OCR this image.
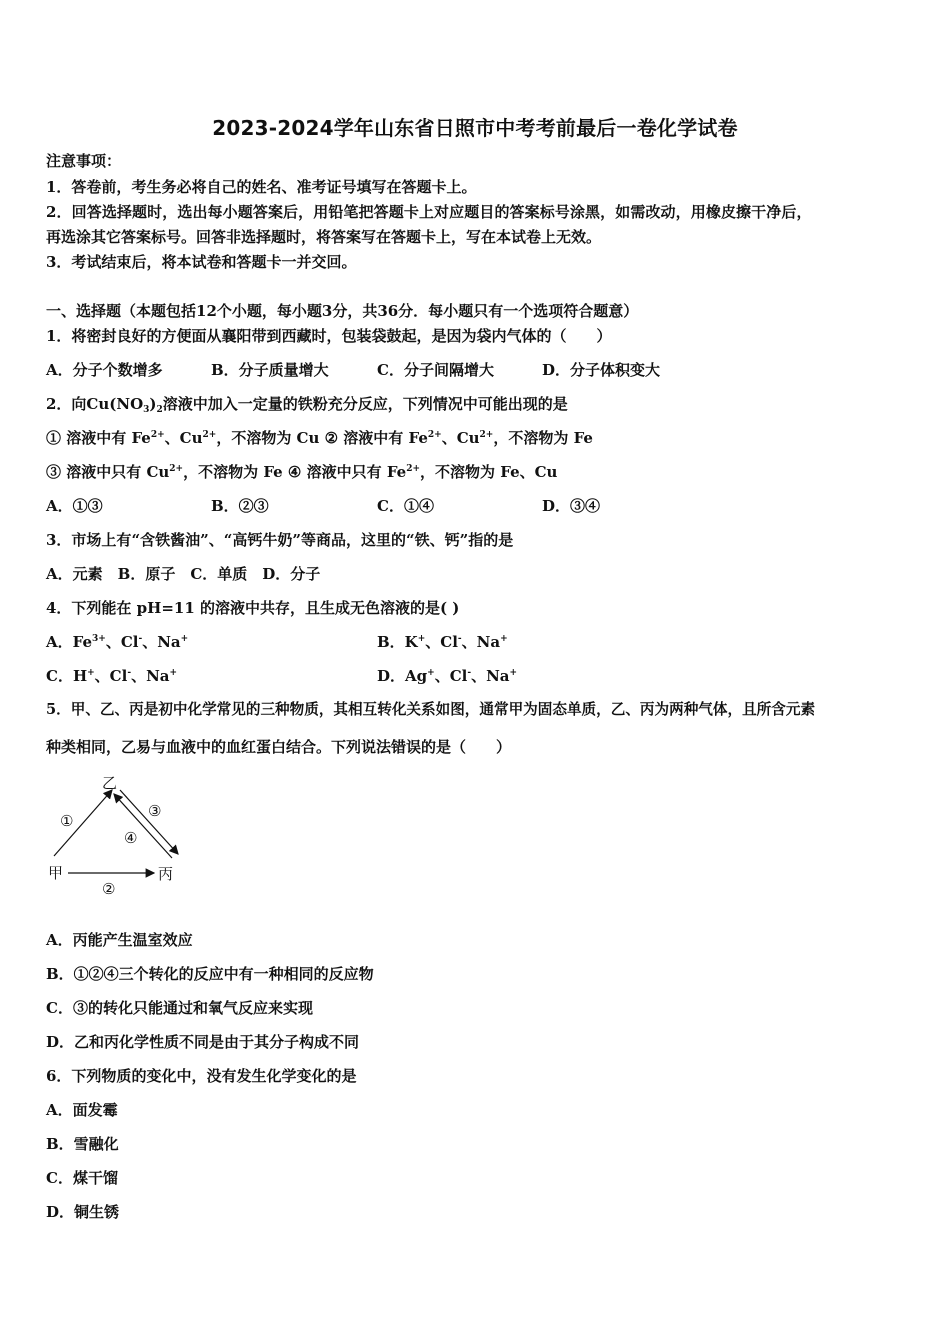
2023-2024学年山东省日照市中考考前最后一卷化学试卷
注意事项：
1．答卷前，考生务必将自己的姓名、准考证号填写在答题卡上。
2．回答选择题时，选出每小题答案后，用铅笔把答题卡上对应题目的答案标号涂黑，如需改动，用橡皮擦干净后，
再选涂其它答案标号。回答非选择题时，将答案写在答题卡上，写在本试卷上无效。
3．考试结束后，将本试卷和答题卡一并交回。
一、选择题（本题包括12个小题，每小题3分，共36分．每小题只有一个选项符合题意）
1．将密封良好的方便面从襄阳带到西藏时，包装袋鼓起，是因为袋内气体的（　　）
A．分子个数增多	B．分子质量增大	C．分子间隔增大	D．分子体积变大
2．向$Cu(NO_3)_2$溶液中加入一定量的铁粉充分反应，下列情况中可能出现的是
① 溶液中有 $Fe^{2+}$、$Cu^{2+}$，不溶物为 Cu ② 溶液中有 $Fe^{2+}$、$Cu^{2+}$，不溶物为 Fe
③ 溶液中只有 $Cu^{2+}$，不溶物为 Fe ④ 溶液中只有 $Fe^{2+}$，不溶物为 Fe、Cu
A．①③	B．②③	C．①④	D．③④
3．市场上有“含铁酱油”、“高钙牛奶”等商品，这里的“铁、钙”指的是
A．元素　B．原子　C．单质　D．分子
4．下列能在 pH=11 的溶液中共存，且生成无色溶液的是( )
A．$Fe^{3+}$、Cl-、Na+	B．K+、Cl-、Na+
C．H+、Cl-、Na+	D．Ag+、Cl-、Na+
5．甲、乙、丙是初中化学常见的三种物质，其相互转化关系如图，通常甲为固态单质，乙、丙为两种气体，且所含元素
种类相同，乙易与血液中的血红蛋白结合。下列说法错误的是（　　）
乙
甲	丙
①
②
③
④
A．丙能产生温室效应
B．①②④三个转化的反应中有一种相同的反应物
C．③的转化只能通过和氧气反应来实现
D．乙和丙化学性质不同是由于其分子构成不同
6．下列物质的变化中，没有发生化学变化的是
A．面发霉
B．雪融化
C．煤干馏
D．铜生锈
